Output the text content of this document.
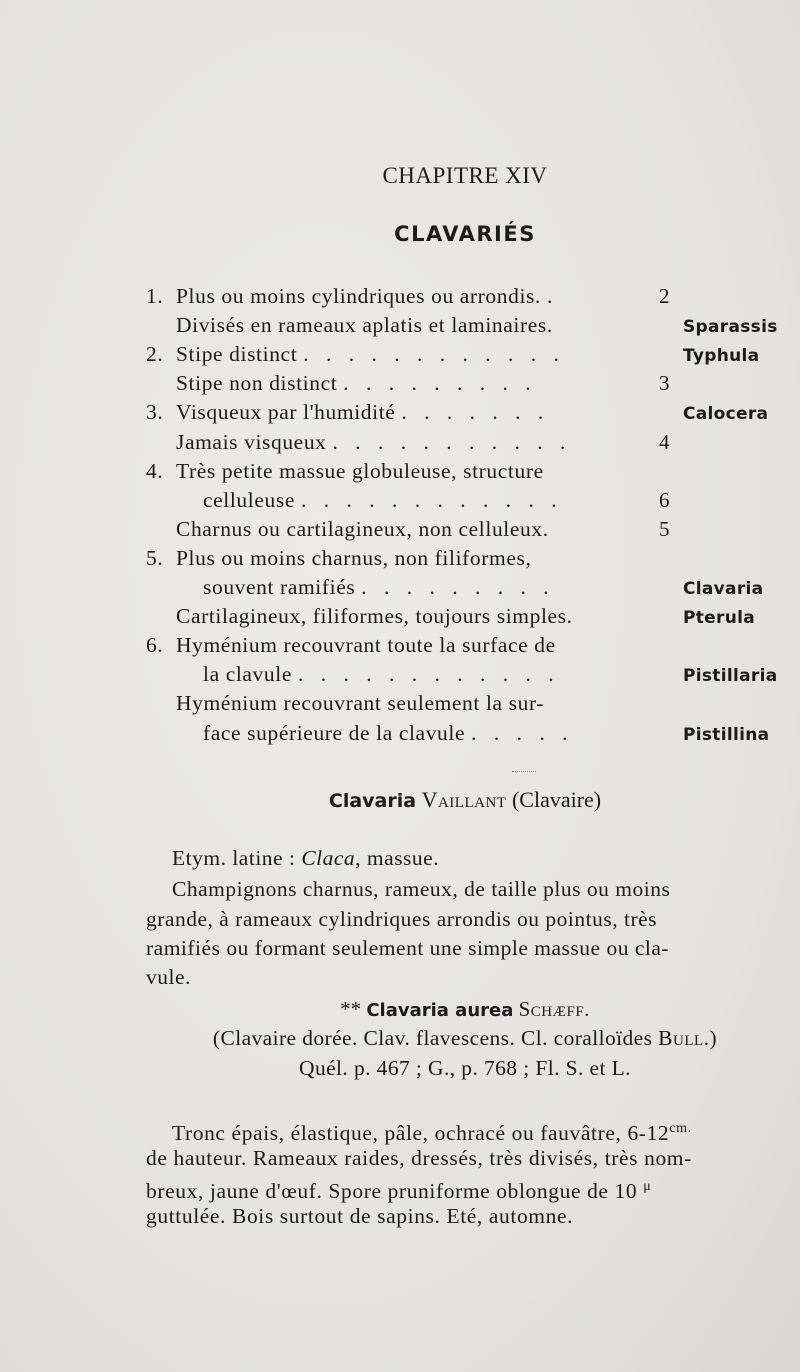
CHAPITRE XIV
CLAVARIÉS
1. Plus ou moins cylindriques ou arrondis. .	2
Divisés en rameaux aplatis et laminaires.	Sparassis
2. Stipe distinct . . . . . . . . . . . .	Typhula
Stipe non distinct . . . . . . . . .	3
3. Visqueux par l'humidité . . . . . . .	Calocera
Jamais visqueux . . . . . . . . . . .	4
4. Très petite massue globuleuse, structure
celluleuse . . . . . . . . . . . .	6
Charnus ou cartilagineux, non celluleux.	5
5. Plus ou moins charnus, non filiformes,
souvent ramifiés . . . . . . . . .	Clavaria
Cartilagineux, filiformes, toujours simples.	Pterula
6. Hyménium recouvrant toute la surface de
la clavule . . . . . . . . . . . .	Pistillaria
Hyménium recouvrant seulement la sur-
face supérieure de la clavule . . . . .	Pistillina
Clavaria Vaillant (Clavaire)
Etym. latine : Claca, massue.
Champignons charnus, rameux, de taille plus ou moins
grande, à rameaux cylindriques arrondis ou pointus, très
ramifiés ou formant seulement une simple massue ou cla-
vule.
** Clavaria aurea Schæff.
(Clavaire dorée. Clav. flavescens. Cl. coralloïdes Bull.)
Quél. p. 467 ; G., p. 768 ; Fl. S. et L.
Tronc épais, élastique, pâle, ochracé ou fauvâtre, $6-12^{cm.}$
de hauteur. Rameaux raides, dressés, très divisés, très nom-
breux, jaune d'œuf. Spore pruniforme oblongue de 10 $^\mu$
guttulée. Bois surtout de sapins. Eté, automne.
